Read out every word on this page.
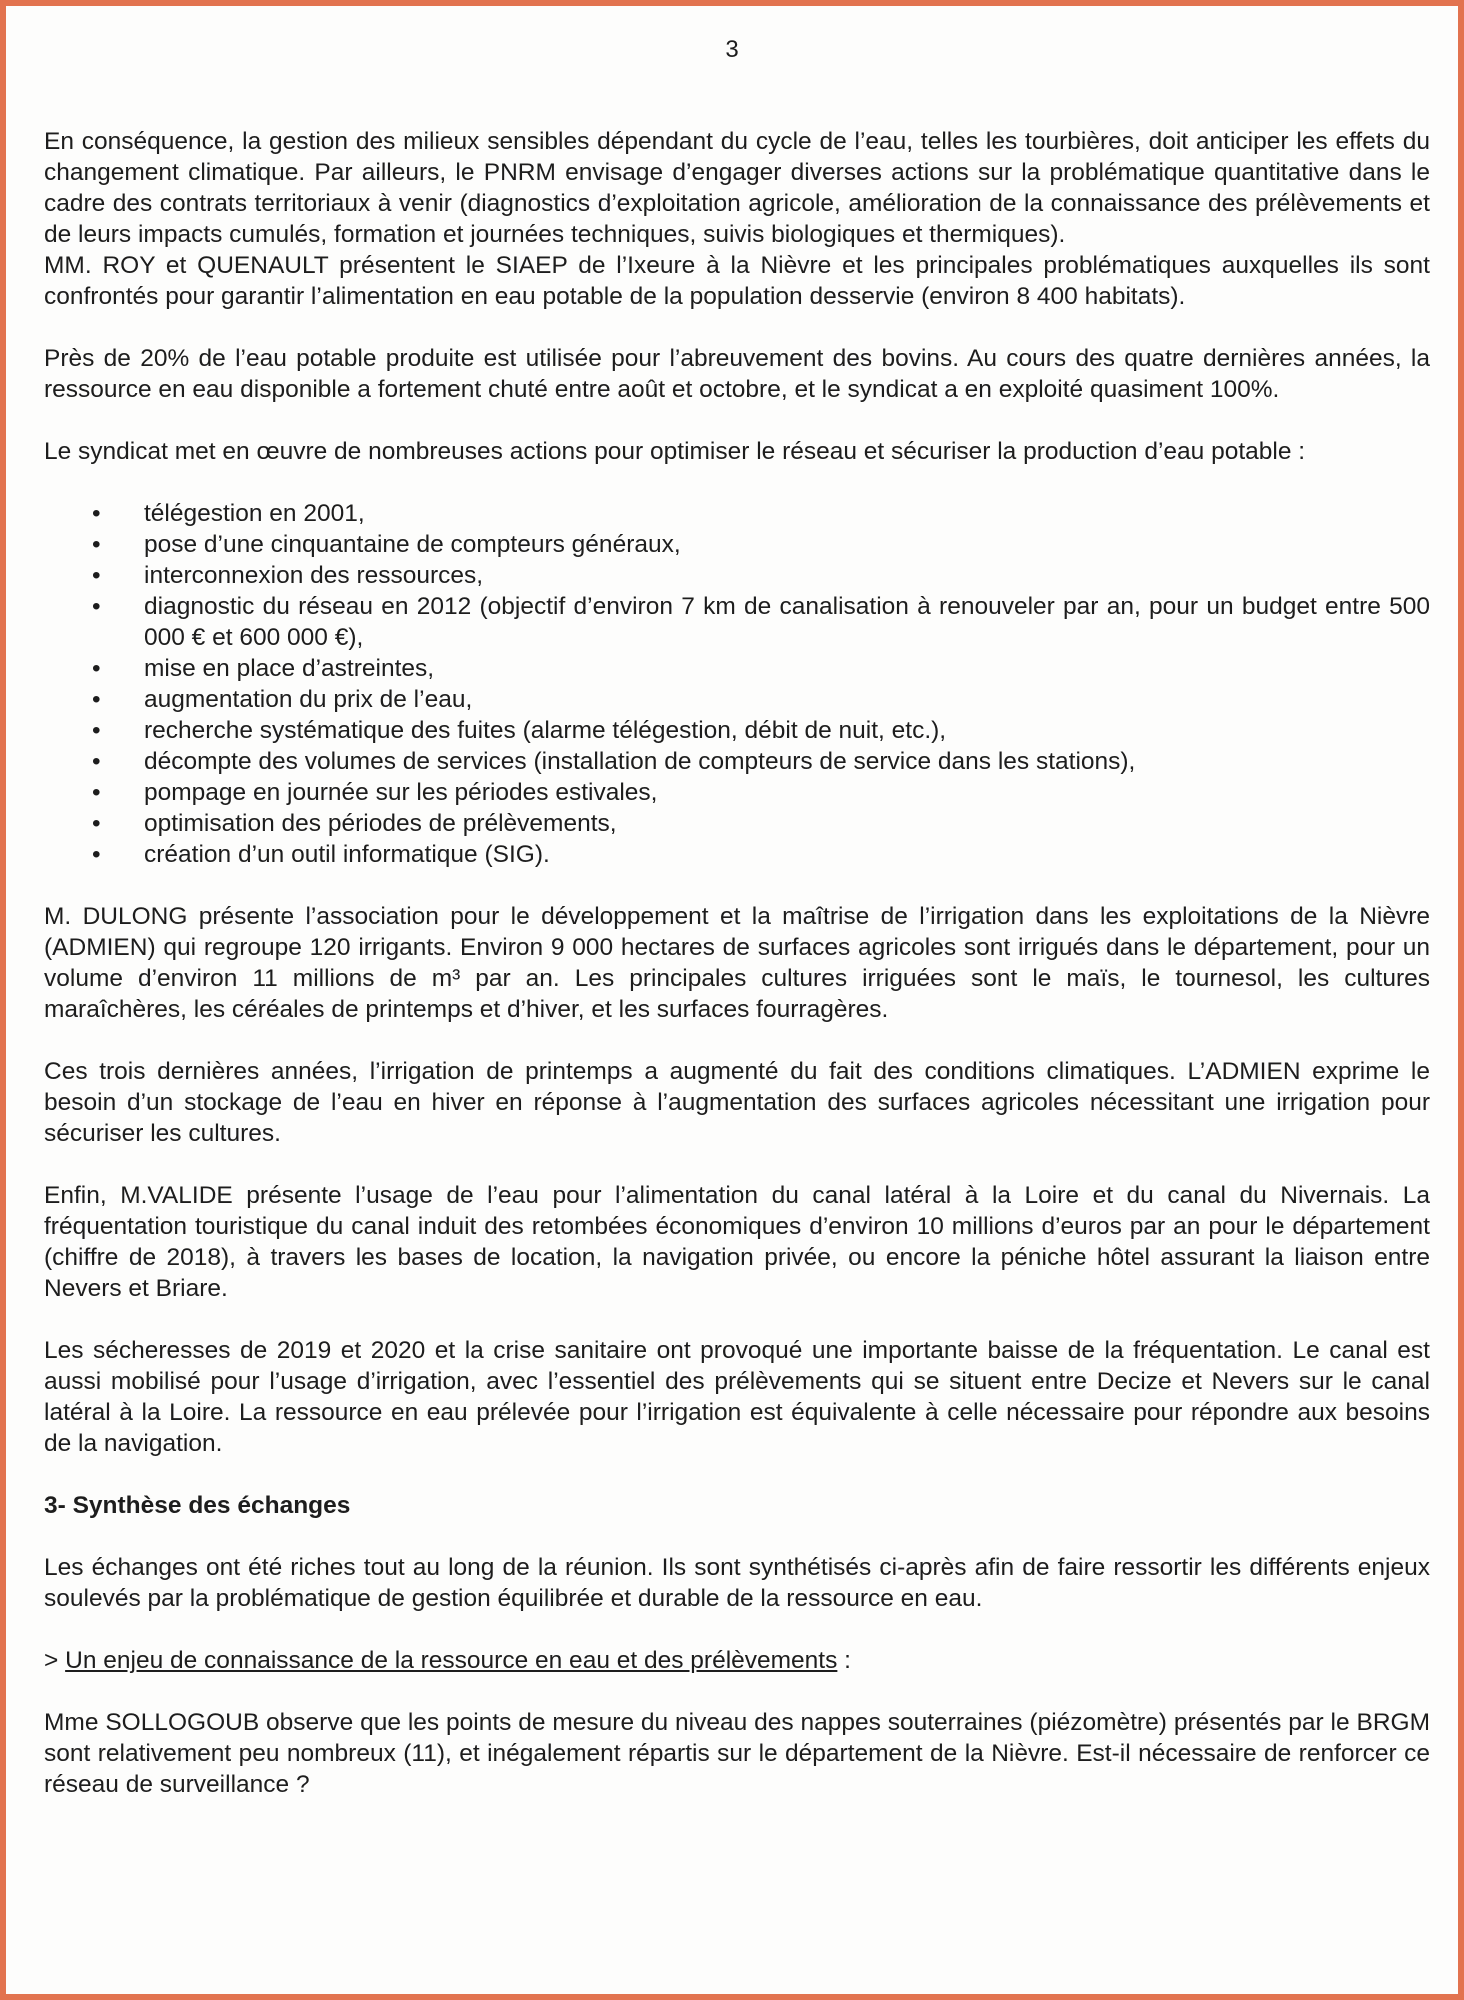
3

En conséquence, la gestion des milieux sensibles dépendant du cycle de l’eau, telles les tourbières, doit anticiper les effets du changement climatique. Par ailleurs, le PNRM envisage d’engager diverses actions sur la problématique quantitative dans le cadre des contrats territoriaux à venir (diagnostics d’exploitation agricole, amélioration de la connaissance des prélèvements et de leurs impacts cumulés, formation et journées techniques, suivis biologiques et thermiques).

MM. ROY et QUENAULT présentent le SIAEP de l’Ixeure à la Nièvre et les principales problématiques auxquelles ils sont confrontés pour garantir l’alimentation en eau potable de la population desservie (environ 8 400 habitats).

Près de 20% de l’eau potable produite est utilisée pour l’abreuvement des bovins. Au cours des quatre dernières années, la ressource en eau disponible a fortement chuté entre août et octobre, et le syndicat a en exploité quasiment 100%.

Le syndicat met en œuvre de nombreuses actions pour optimiser le réseau et sécuriser la production d’eau potable :

• télégestion en 2001,
• pose d’une cinquantaine de compteurs généraux,
• interconnexion des ressources,
• diagnostic du réseau en 2012 (objectif d’environ 7 km de canalisation à renouveler par an, pour un budget entre 500 000 € et 600 000 €),
• mise en place d’astreintes,
• augmentation du prix de l’eau,
• recherche systématique des fuites (alarme télégestion, débit de nuit, etc.),
• décompte des volumes de services (installation de compteurs de service dans les stations),
• pompage en journée sur les périodes estivales,
• optimisation des périodes de prélèvements,
• création d’un outil informatique (SIG).

M. DULONG présente l’association pour le développement et la maîtrise de l’irrigation dans les exploitations de la Nièvre (ADMIEN) qui regroupe 120 irrigants. Environ 9 000 hectares de surfaces agricoles sont irrigués dans le département, pour un volume d’environ 11 millions de m³ par an. Les principales cultures irriguées sont le maïs, le tournesol, les cultures maraîchères, les céréales de printemps et d’hiver, et les surfaces fourragères.

Ces trois dernières années, l’irrigation de printemps a augmenté du fait des conditions climatiques. L’ADMIEN exprime le besoin d’un stockage de l’eau en hiver en réponse à l’augmentation des surfaces agricoles nécessitant une irrigation pour sécuriser les cultures.

Enfin, M.VALIDE présente l’usage de l’eau pour l’alimentation du canal latéral à la Loire et du canal du Nivernais. La fréquentation touristique du canal induit des retombées économiques d’environ 10 millions d’euros par an pour le département (chiffre de 2018), à travers les bases de location, la navigation privée, ou encore la péniche hôtel assurant la liaison entre Nevers et Briare.

Les sécheresses de 2019 et 2020 et la crise sanitaire ont provoqué une importante baisse de la fréquentation. Le canal est aussi mobilisé pour l’usage d’irrigation, avec l’essentiel des prélèvements qui se situent entre Decize et Nevers sur le canal latéral à la Loire. La ressource en eau prélevée pour l’irrigation est équivalente à celle nécessaire pour répondre aux besoins de la navigation.

3- Synthèse des échanges

Les échanges ont été riches tout au long de la réunion. Ils sont synthétisés ci-après afin de faire ressortir les différents enjeux soulevés par la problématique de gestion équilibrée et durable de la ressource en eau.

> Un enjeu de connaissance de la ressource en eau et des prélèvements :

Mme SOLLOGOUB observe que les points de mesure du niveau des nappes souterraines (piézomètre) présentés par le BRGM sont relativement peu nombreux (11), et inégalement répartis sur le département de la Nièvre. Est-il nécessaire de renforcer ce réseau de surveillance ?
